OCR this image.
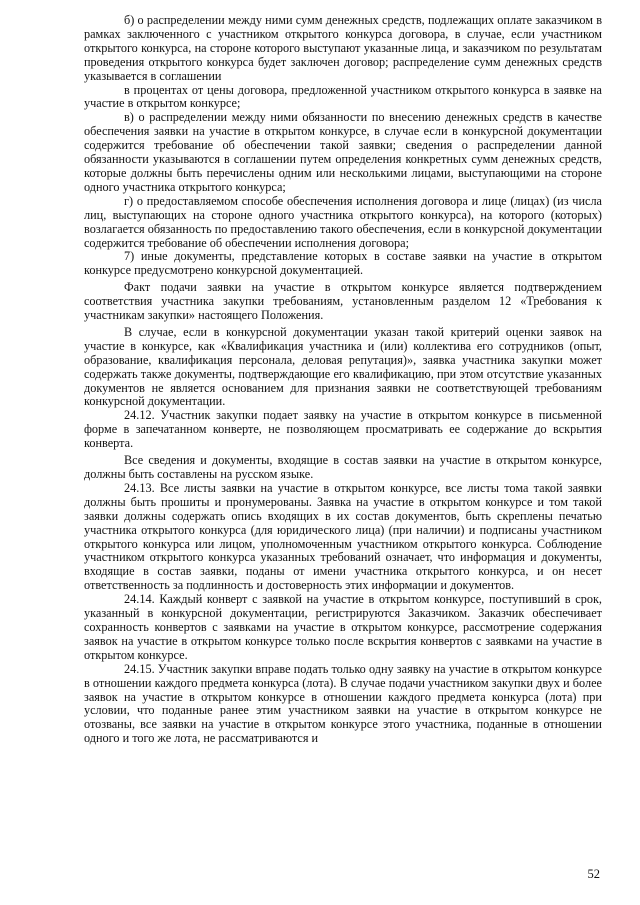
б) о распределении между ними сумм денежных средств, подлежащих оплате заказчиком в рамках заключенного с участником открытого конкурса договора, в случае, если участником открытого конкурса, на стороне которого выступают указанные лица, и заказчиком по результатам проведения открытого конкурса будет заключен договор; распределение сумм денежных средств указывается в соглашении

в процентах от цены договора, предложенной участником открытого конкурса в заявке на участие в открытом конкурсе;

в) о распределении между ними обязанности по внесению денежных средств в качестве обеспечения заявки на участие в открытом конкурсе, в случае если в конкурсной документации содержится требование об обеспечении такой заявки; сведения о распределении данной обязанности указываются в соглашении путем определения конкретных сумм денежных средств, которые должны быть перечислены одним или несколькими лицами, выступающими на стороне одного участника открытого конкурса;

г) о предоставляемом способе обеспечения исполнения договора и лице (лицах) (из числа лиц, выступающих на стороне одного участника открытого конкурса), на которого (которых) возлагается обязанность по предоставлению такого обеспечения, если в конкурсной документации содержится требование об обеспечении исполнения договора;

7) иные документы, представление которых в составе заявки на участие в открытом конкурсе предусмотрено конкурсной документацией.

Факт подачи заявки на участие в открытом конкурсе является подтверждением соответствия участника закупки требованиям, установленным разделом 12 «Требования к участникам закупки» настоящего Положения.

В случае, если в конкурсной документации указан такой критерий оценки заявок на участие в конкурсе, как «Квалификация участника и (или) коллектива его сотрудников (опыт, образование, квалификация персонала, деловая репутация)», заявка участника закупки может содержать также документы, подтверждающие его квалификацию, при этом отсутствие указанных документов не является основанием для признания заявки не соответствующей требованиям конкурсной документации.

24.12. Участник закупки подает заявку на участие в открытом конкурсе в письменной форме в запечатанном конверте, не позволяющем просматривать ее содержание до вскрытия конверта.

Все сведения и документы, входящие в состав заявки на участие в открытом конкурсе, должны быть составлены на русском языке.

24.13. Все листы заявки на участие в открытом конкурсе, все листы тома такой заявки должны быть прошиты и пронумерованы. Заявка на участие в открытом конкурсе и том такой заявки должны содержать опись входящих в их состав документов, быть скреплены печатью участника открытого конкурса (для юридического лица) (при наличии) и подписаны участником открытого конкурса или лицом, уполномоченным участником открытого конкурса. Соблюдение участником открытого конкурса указанных требований означает, что информация и документы, входящие в состав заявки, поданы от имени участника открытого конкурса, и он несет ответственность за подлинность и достоверность этих информации и документов.

24.14. Каждый конверт с заявкой на участие в открытом конкурсе, поступивший в срок, указанный в конкурсной документации, регистрируются Заказчиком. Заказчик обеспечивает сохранность конвертов с заявками на участие в открытом конкурсе, рассмотрение содержания заявок на участие в открытом конкурсе только после вскрытия конвертов с заявками на участие в открытом конкурсе.

24.15. Участник закупки вправе подать только одну заявку на участие в открытом конкурсе в отношении каждого предмета конкурса (лота). В случае подачи участником закупки двух и более заявок на участие в открытом конкурсе в отношении каждого предмета конкурса (лота) при условии, что поданные ранее этим участником заявки на участие в открытом конкурсе не отозваны, все заявки на участие в открытом конкурсе этого участника, поданные в отношении одного и того же лота, не рассматриваются и

52
